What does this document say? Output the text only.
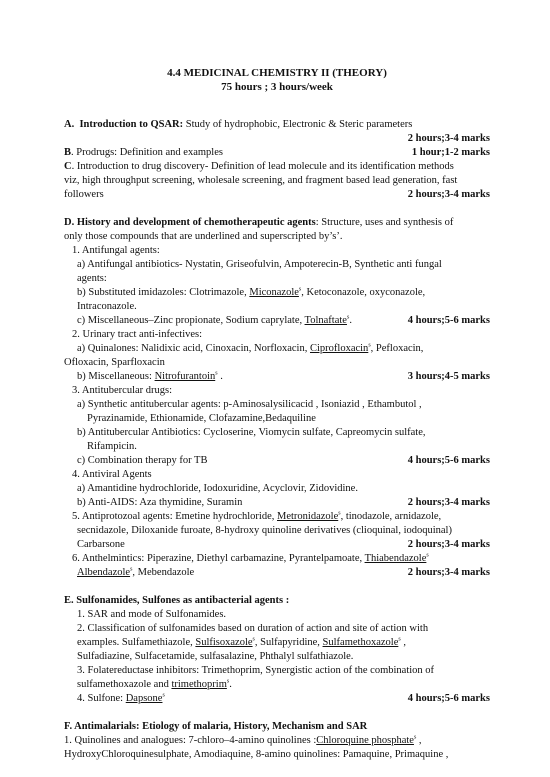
4.4 MEDICINAL CHEMISTRY II (THEORY)
75 hours ; 3 hours/week
A. Introduction to QSAR: Study of hydrophobic, Electronic & Steric parameters

2 hours;3-4 marks
B. Prodrugs: Definition and examples	1 hour;1-2 marks
C. Introduction to drug discovery- Definition of lead molecule and its identification methods
viz, high throughput screening, wholesale screening, and fragment based lead generation, fast
followers	2 hours;3-4 marks
D. History and development of chemotherapeutic agents: Structure, uses and synthesis of
only those compounds that are underlined and superscripted by’s’.
1. Antifungal agents:
a) Antifungal antibiotics- Nystatin, Griseofulvin, Ampoterecin-B, Synthetic anti fungal
agents:
b) Substituted imidazoles: Clotrimazole, Miconazole$^s$, Ketoconazole, oxyconazole,
Intraconazole.
c) Miscellaneous–Zinc propionate, Sodium caprylate, Tolnaftate$^s$.	4 hours;5-6 marks
2. Urinary tract anti-infectives:
a) Quinalones: Nalidixic acid, Cinoxacin, Norfloxacin, Ciprofloxacin$^s$, Pefloxacin,
Ofloxacin, Sparfloxacin
b) Miscellaneous: Nitrofurantoin$^s$ .	3 hours;4-5 marks
3. Antitubercular drugs:
a) Synthetic antitubercular agents: p-Aminosalysilicacid , Isoniazid , Ethambutol ,
Pyrazinamide, Ethionamide, Clofazamine,Bedaquiline
b) Antitubercular Antibiotics: Cycloserine, Viomycin sulfate, Capreomycin sulfate,
Rifampicin.
c) Combination therapy for TB	4 hours;5-6 marks
4. Antiviral Agents
a) Amantidine hydrochloride, Iodoxuridine, Acyclovir, Zidovidine.
b) Anti-AIDS: Aza thymidine, Suramin	2 hours;3-4 marks
5. Antiprotozoal agents: Emetine hydrochloride, Metronidazole$^s$, tinodazole, arnidazole,
secnidazole, Diloxanide furoate, 8-hydroxy quinoline derivatives (clioquinal, iodoquinal)
Carbarsone	2 hours;3-4 marks
6. Anthelmintics: Piperazine, Diethyl carbamazine, Pyrantelpamoate, Thiabendazole$^s$
Albendazole$^s$, Mebendazole	2 hours;3-4 marks
E. Sulfonamides, Sulfones as antibacterial agents :
1. SAR and mode of Sulfonamides.
2. Classification of sulfonamides based on duration of action and site of action with
examples. Sulfamethiazole, Sulfisoxazole$^s$, Sulfapyridine, Sulfamethoxazole$^s$ ,
Sulfadiazine, Sulfacetamide, sulfasalazine, Phthalyl sulfathiazole.
3. Folatereductase inhibitors: Trimethoprim, Synergistic action of the combination of
sulfamethoxazole and trimethoprim$^s$.
4. Sulfone: Dapsone$^s$	4 hours;5-6 marks
F. Antimalarials: Etiology of malaria, History, Mechanism and SAR
1. Quinolines and analogues: 7-chloro–4-amino quinolines :Chloroquine phosphate$^s$ ,
HydroxyChloroquinesulphate, Amodiaquine, 8-amino quinolines: Pamaquine, Primaquine ,
